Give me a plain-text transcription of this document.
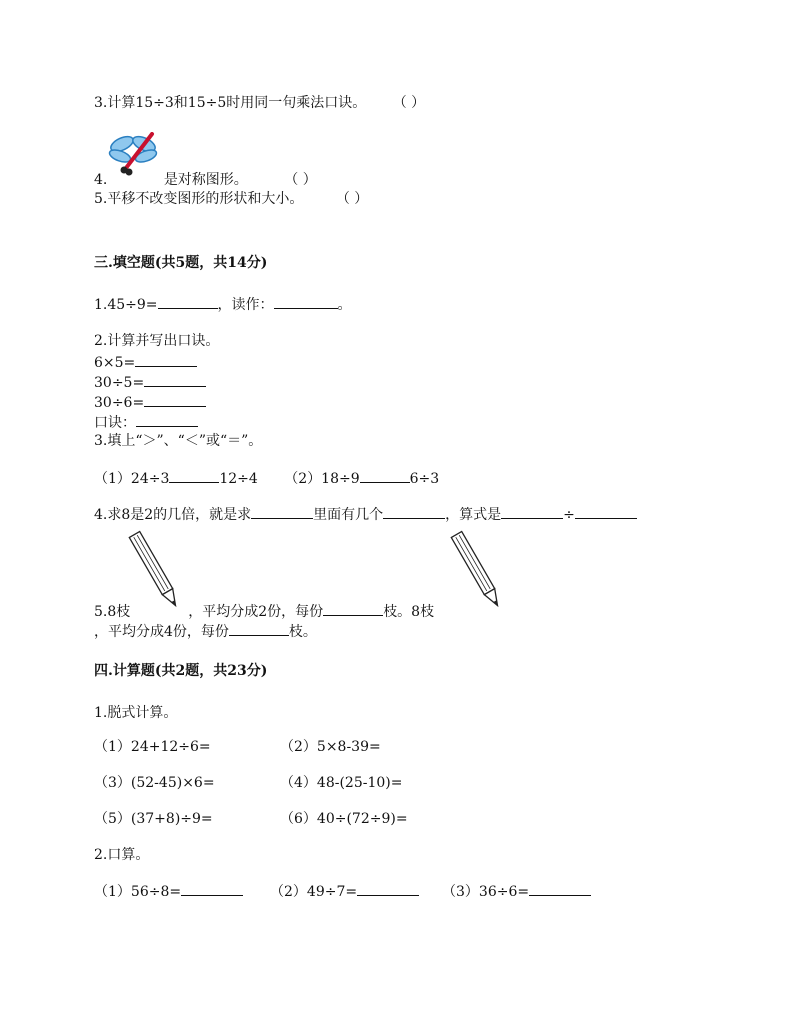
3.计算15÷3和15÷5时用同一句乘法口诀。 （ ）
4.	是对称图形。	（ ）
5.平移不改变图形的形状和大小。 （ ）
三.填空题(共5题，共14分)
1.45÷9=	，读作：	。
2.计算并写出口诀。
6×5=
30÷5=
30÷6=
口诀：
3.填上“＞”、“＜”或“＝”。
（1）24÷3	12÷4 （2）18÷9	6÷3
4.求8是2的几倍，就是求	里面有几个	，算式是	÷
5.8枝	，平均分成2份，每份	枝。8枝
，平均分成4份，每份	枝。
四.计算题(共2题，共23分)
1.脱式计算。
（1）24+12÷6=	（2）5×8-39=
（3）(52-45)×6=	（4）48-(25-10)=
（5）(37+8)÷9=	（6）40÷(72÷9)=
2.口算。
（1）56÷8=	（2）49÷7=	（3）36÷6=
